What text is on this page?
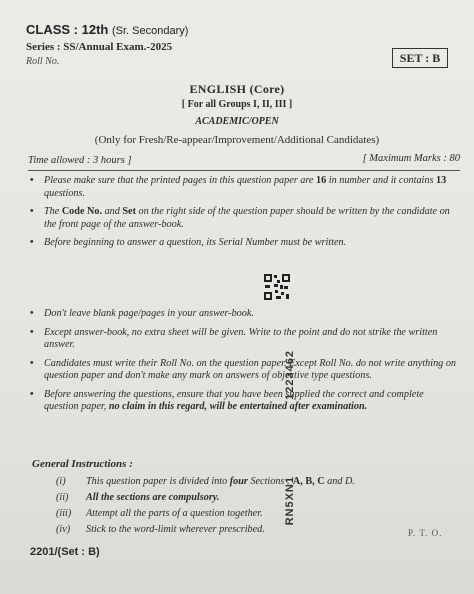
CLASS : 12th (Sr. Secondary)
Series : SS/Annual Exam.-2025
Roll No.	SET : B
ENGLISH (Core)
[ For all Groups I, II, III ]
ACADEMIC/OPEN
(Only for Fresh/Re-appear/Improvement/Additional Candidates)
Time allowed : 3 hours ]	[ Maximum Marks : 80
• Please make sure that the printed pages in this question paper are 16 in number and it contains 13 questions.
• The Code No. and Set on the right side of the question paper should be written by the candidate on the front page of the answer-book.
• Before beginning to answer a question, its Serial Number must be written.
• Don't leave blank page/pages in your answer-book.
• Except answer-book, no extra sheet will be given. Write to the point and do not strike the written answer.
• Candidates must write their Roll No. on the question paper. Except Roll No. do not write anything on question paper and don't make any mark on answers of objective type questions.
• Before answering the questions, ensure that you have been supplied the correct and complete question paper, no claim in this regard, will be entertained after examination.
1223462
RN5XN1
General Instructions :
(i) This question paper is divided into four Sections : A, B, C and D.
(ii) All the sections are compulsory.
(iii) Attempt all the parts of a question together.
(iv) Stick to the word-limit wherever prescribed.	P. T. O.
2201/(Set : B)
